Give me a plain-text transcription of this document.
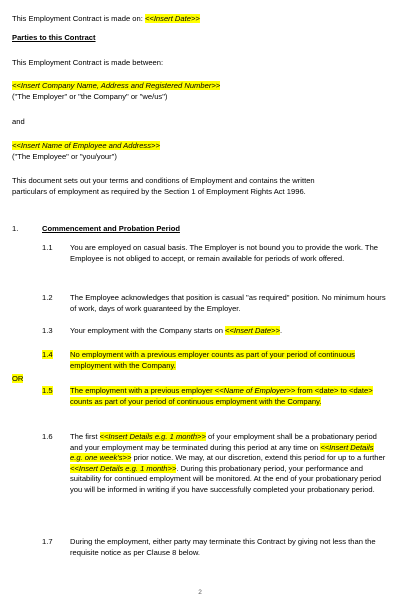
This Employment Contract is made on: <<Insert Date>>
Parties to this Contract
This Employment Contract is made between:
<<Insert Company Name, Address and Registered Number>>
("The Employer" or "the Company" or "we/us")
and
<<Insert Name of Employee and Address>>
("The Employee" or "you/your")
This document sets out your terms and conditions of Employment and contains the written
particulars of employment as required by the Section 1 of Employment Rights Act 1996.
1.	Commencement and Probation Period
1.1 You are employed on casual basis. The Employer is not bound you to provide the work. The Employee is not obliged to accept, or remain available for periods of work offered.
1.2 The Employee acknowledges that position is casual "as required" position. No minimum hours of work, days of work guaranteed by the Employer.
1.3 Your employment with the Company starts on <<Insert Date>>.
1.4 No employment with a previous employer counts as part of your period of continuous employment with the Company.
OR
1.5 The employment with a previous employer <<Name of Employer>> from <date> to <date> counts as part of your period of continuous employment with the Company.
1.6 The first <<Insert Details e.g. 1 month>> of your employment shall be a probationary period and your employment may be terminated during this period at any time on <<Insert Details e.g. one week's>> prior notice. We may, at our discretion, extend this period for up to a further <<Insert Details e.g. 1 month>>. During this probationary period, your performance and suitability for continued employment will be monitored. At the end of your probationary period you will be informed in writing if you have successfully completed your probationary period.
1.7 During the employment, either party may terminate this Contract by giving not less than the requisite notice as per Clause 8 below.
2
